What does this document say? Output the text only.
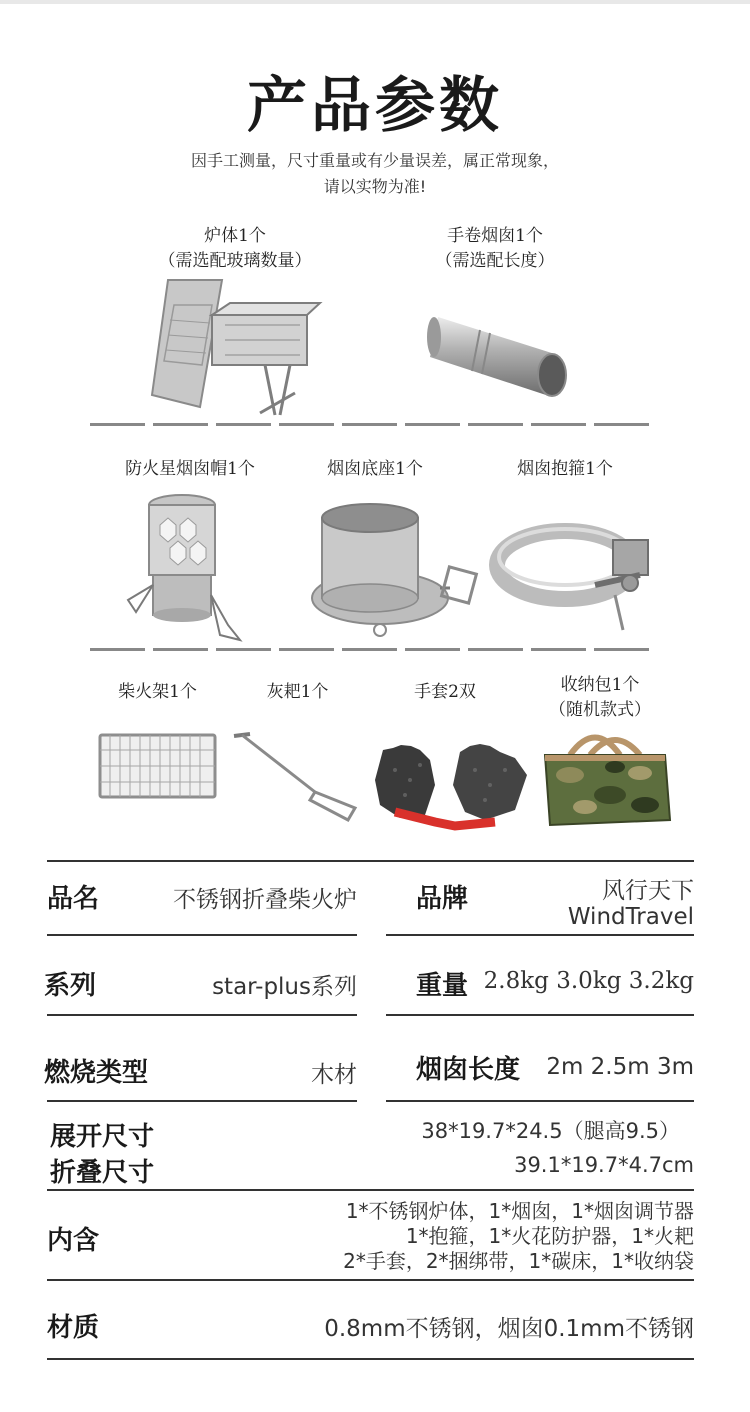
产品参数
因手工测量，尺寸重量或有少量误差，属正常现象，
请以实物为准!
炉体1个
（需选配玻璃数量）
手卷烟囱1个
（需选配长度）
防火星烟囱帽1个	烟囱底座1个	烟囱抱箍1个
柴火架1个	灰耙1个	手套2双	收纳包1个
（随机款式）
品名	不锈钢折叠柴火炉 品牌	风行天下
WindTravel
系列	star-plus系列 重量 2.8kg 3.0kg 3.2kg
燃烧类型	木材 烟囱长度	2m 2.5m 3m
展开尺寸	38*19.7*24.5（腿高9.5）
折叠尺寸	39.1*19.7*4.7cm
内含
1*不锈钢炉体，1*烟囱，1*烟囱调节器
1*抱箍，1*火花防护器，1*火耙
2*手套，2*捆绑带，1*碳床，1*收纳袋
材质	0.8mm不锈钢，烟囱0.1mm不锈钢
